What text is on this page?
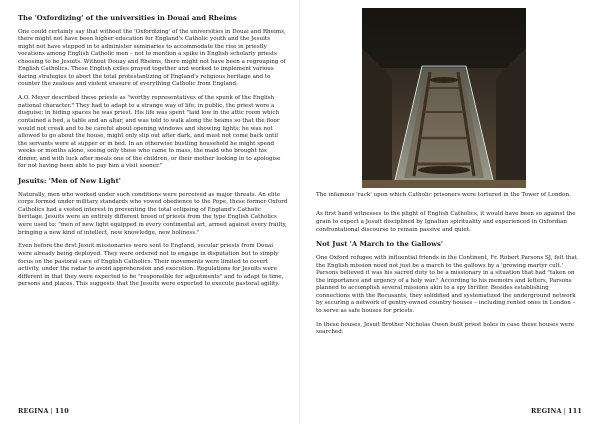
The 'Oxfordizing' of the universities in Douai and Rheims

One could certainly say that without the 'Oxfordizing' of the universities in Douai and Rheims, there might not have been higher education for England's Catholic youth and the Jesuits might not have stepped in to administer seminaries to accommodate the rise in priestly vocations among English Catholic men – not to mention a spike in English scholarly priests choosing to be Jesuits. Without Douay and Rheims, there might not have been a regrouping of English Catholics. These English exiles prayed together and worked to implement various daring strategies to abort the total protestantizing of England's religious heritage and to counter the zealous and violent erasure of everything Catholic from England.

A.O. Meyer described these priests as "worthy representatives of the spunk of the English national character." They had to adapt to a strange way of life; in public, the priest wore a disguise; in hiding spaces he was priest. His life was spent "laid low in the attic room which contained a bed, a table and an altar, and was told to walk along the beams so that the floor would not creak and to be careful about opening windows and showing lights; he was not allowed to go about the house, might only slip out after dark, and must not come back until the servants were at supper or in bed. In an otherwise bustling household he might spend weeks or months alone, seeing only those who came to mass, the maid who brought his dinner, and with luck after meals one of the children, or their mother looking in to apologise for not having been able to pay him a visit sooner."

Jesuits: 'Men of New Light'

Naturally, men who worked under such conditions were perceived as major threats. An elite corps formed under military standards who vowed obedience to the Pope, these former Oxford Catholics had a vested interest in preventing the total eclipsing of England's Catholic heritage. Jesuits were an entirely different breed of priests from the type English Catholics were used to: "men of new light equipped in every continental art, armed against every frailty, bringing a new kind of intellect, new knowledge, new holiness."

Even before the first Jesuit missionaries were sent to England, secular priests from Douai were already being deployed. They were ordered not to engage in disputation but to simply focus on the pastoral care of English Catholics. Their movements were limited to covert activity, under the radar to avoid apprehension and execution. Regulations for Jesuits were different in that they were expected to be "responsible for adjustments" and to adapt to time, persons and places. This suggests that the Jesuits were expected to execute pastoral agility.

REGINA | 110

The infamous 'rack' upon which Catholic prisoners were tortured in the Tower of London.

As first hand witnesses to the plight of English Catholics, it would have been so against the grain to expect a Jesuit disciplined by Ignatian spirituality and experienced in Oxfordian confrontational discourse to remain passive and quiet.

Not Just 'A March to the Gallows'

One Oxford refugee with influential friends in the Continent, Fr. Robert Parsons SJ, felt that the English mission need not just be a march to the gallows by a 'growing martyr cult.' Parsons believed it was his sacred duty to be a missionary in a situation that had "taken on the importance and urgency of a holy war." According to his memoirs and letters, Parsons planned to accomplish several missions akin to a spy thriller. Besides establishing connections with the Recusants, they solidified and systematized the underground network by securing a network of gentry-owned country houses – including rented ones in London – to serve as safe houses for priests.

In these houses, Jesuit Brother Nicholas Owen built priest holes in case these houses were searched.

REGINA | 111
